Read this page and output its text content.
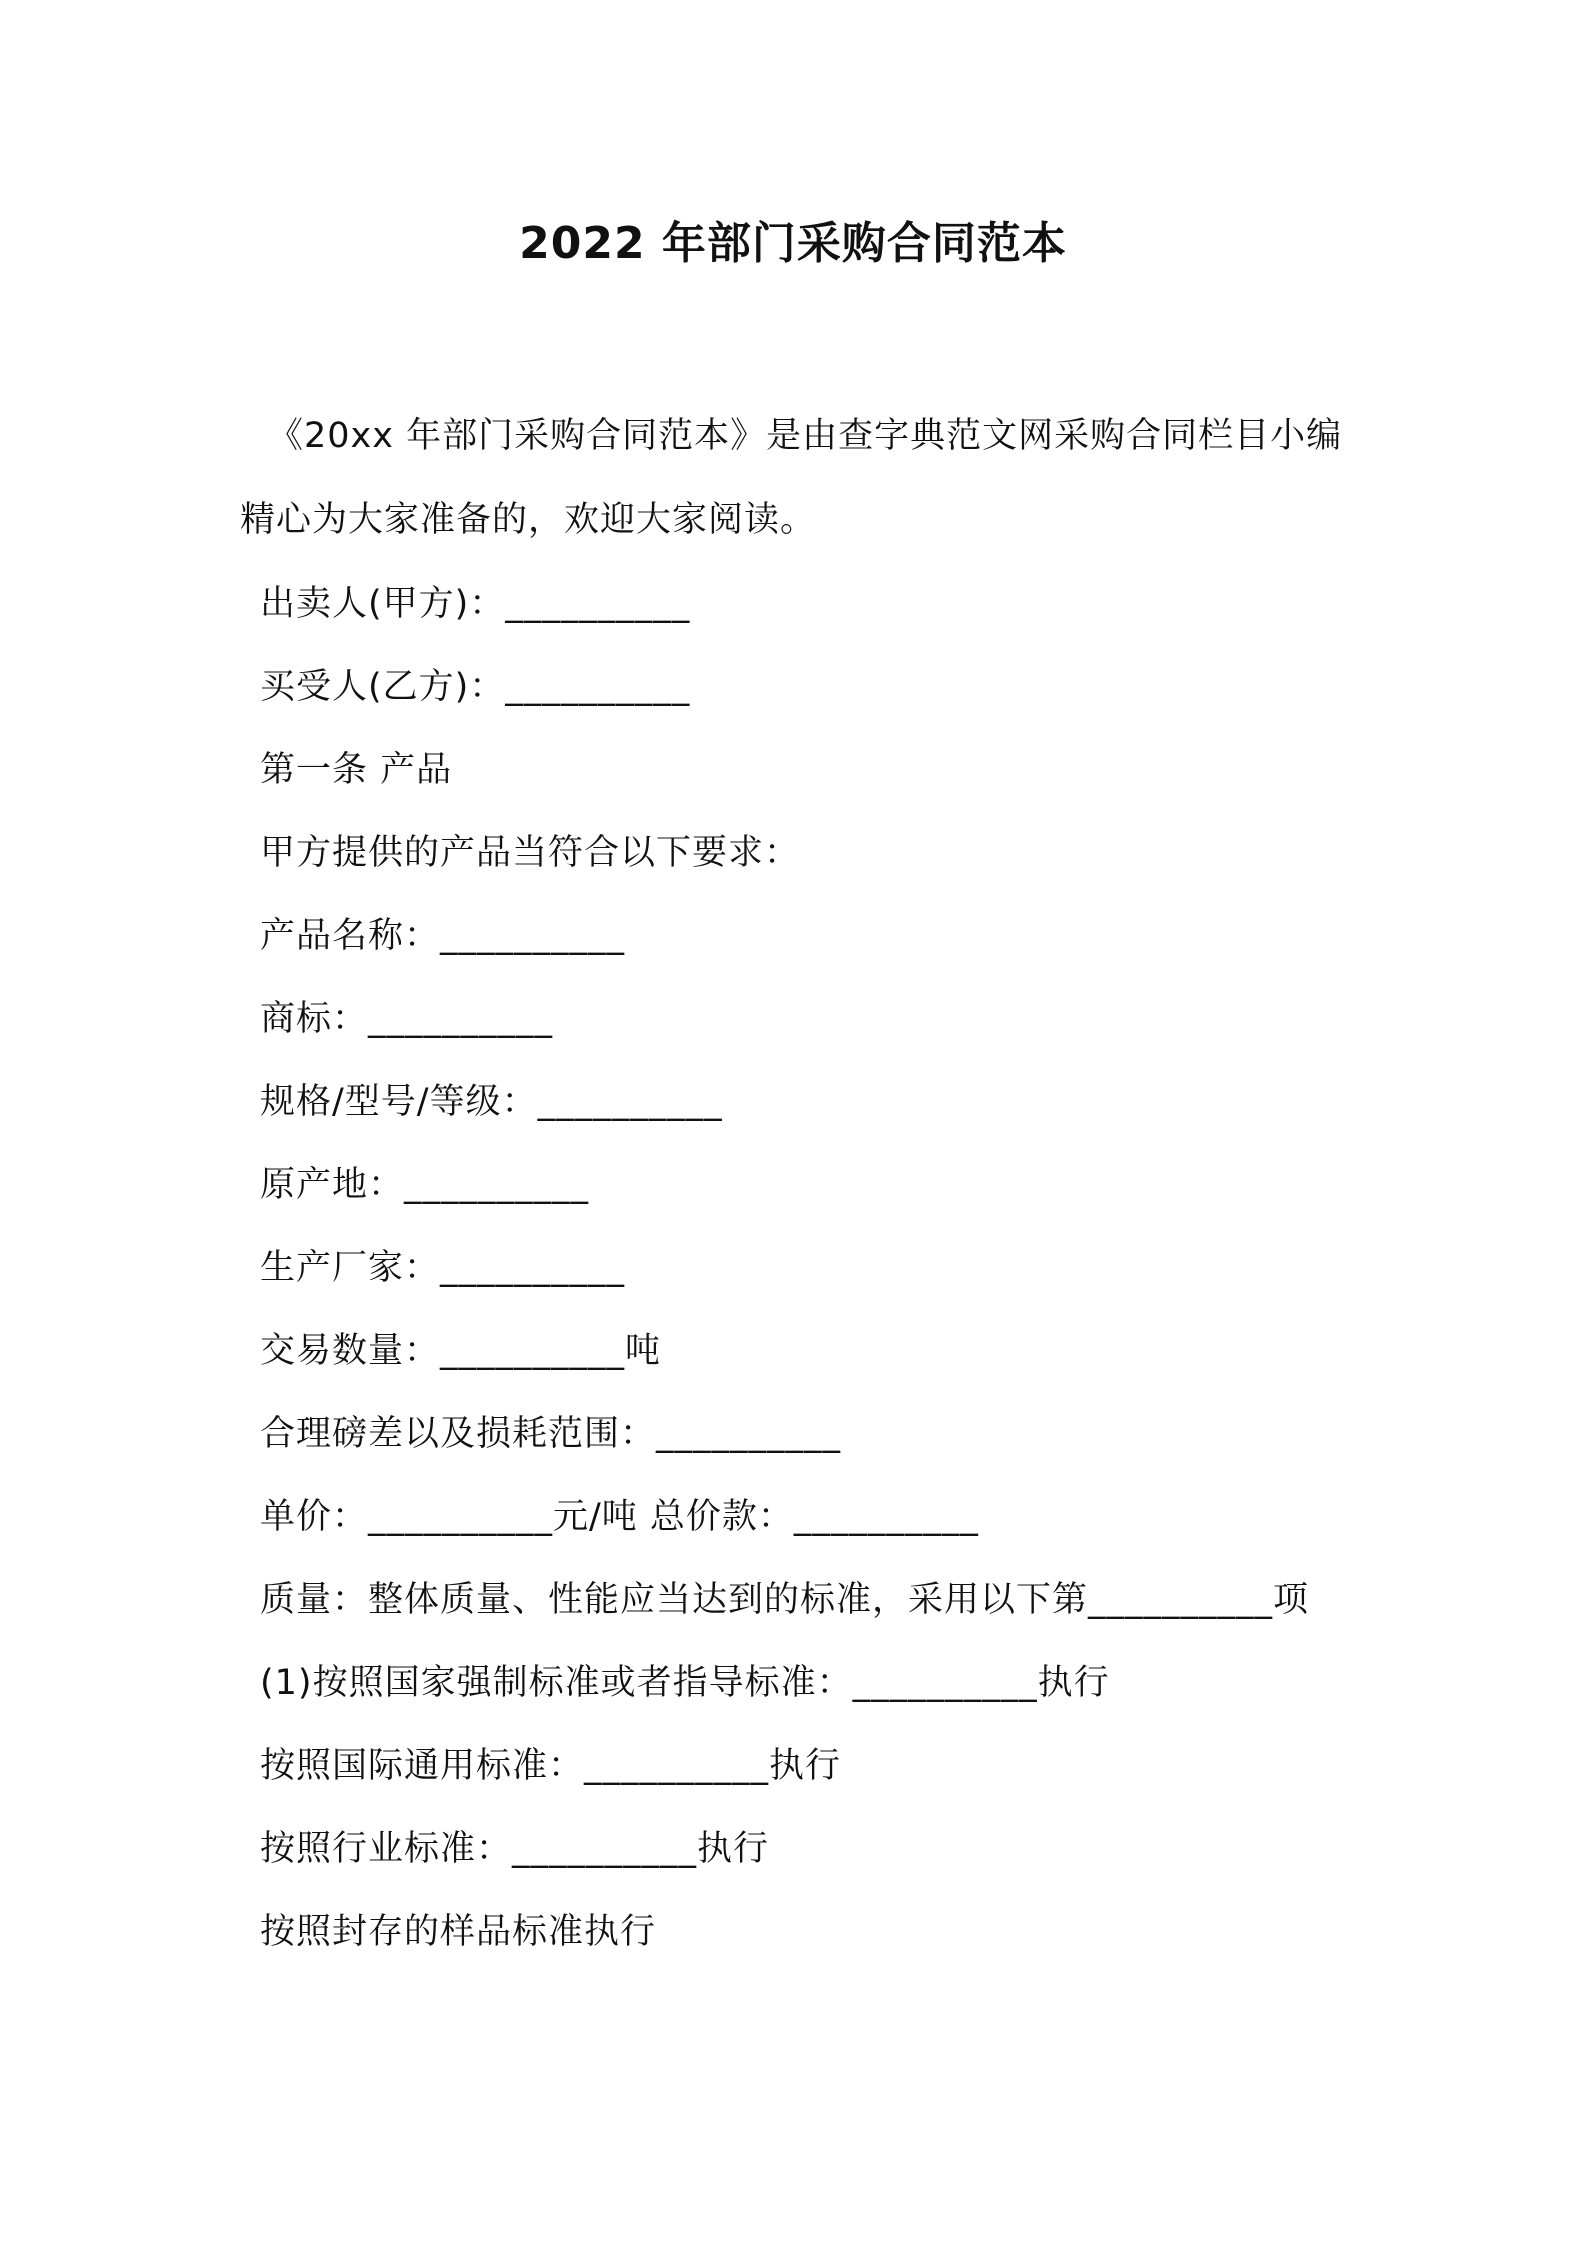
2022 年部门采购合同范本
《20xx 年部门采购合同范本》是由查字典范文网采购合同栏目小编
精心为大家准备的，欢迎大家阅读。
出卖人(甲方)：__________
买受人(乙方)：__________
第一条 产品
甲方提供的产品当符合以下要求：
产品名称：__________
商标：__________
规格/型号/等级：__________
原产地：__________
生产厂家：__________
交易数量：__________吨
合理磅差以及损耗范围：__________
单价：__________元/吨 总价款：__________
质量：整体质量、性能应当达到的标准，采用以下第__________项
(1)按照国家强制标准或者指导标准：__________执行
按照国际通用标准：__________执行
按照行业标准：__________执行
按照封存的样品标准执行
